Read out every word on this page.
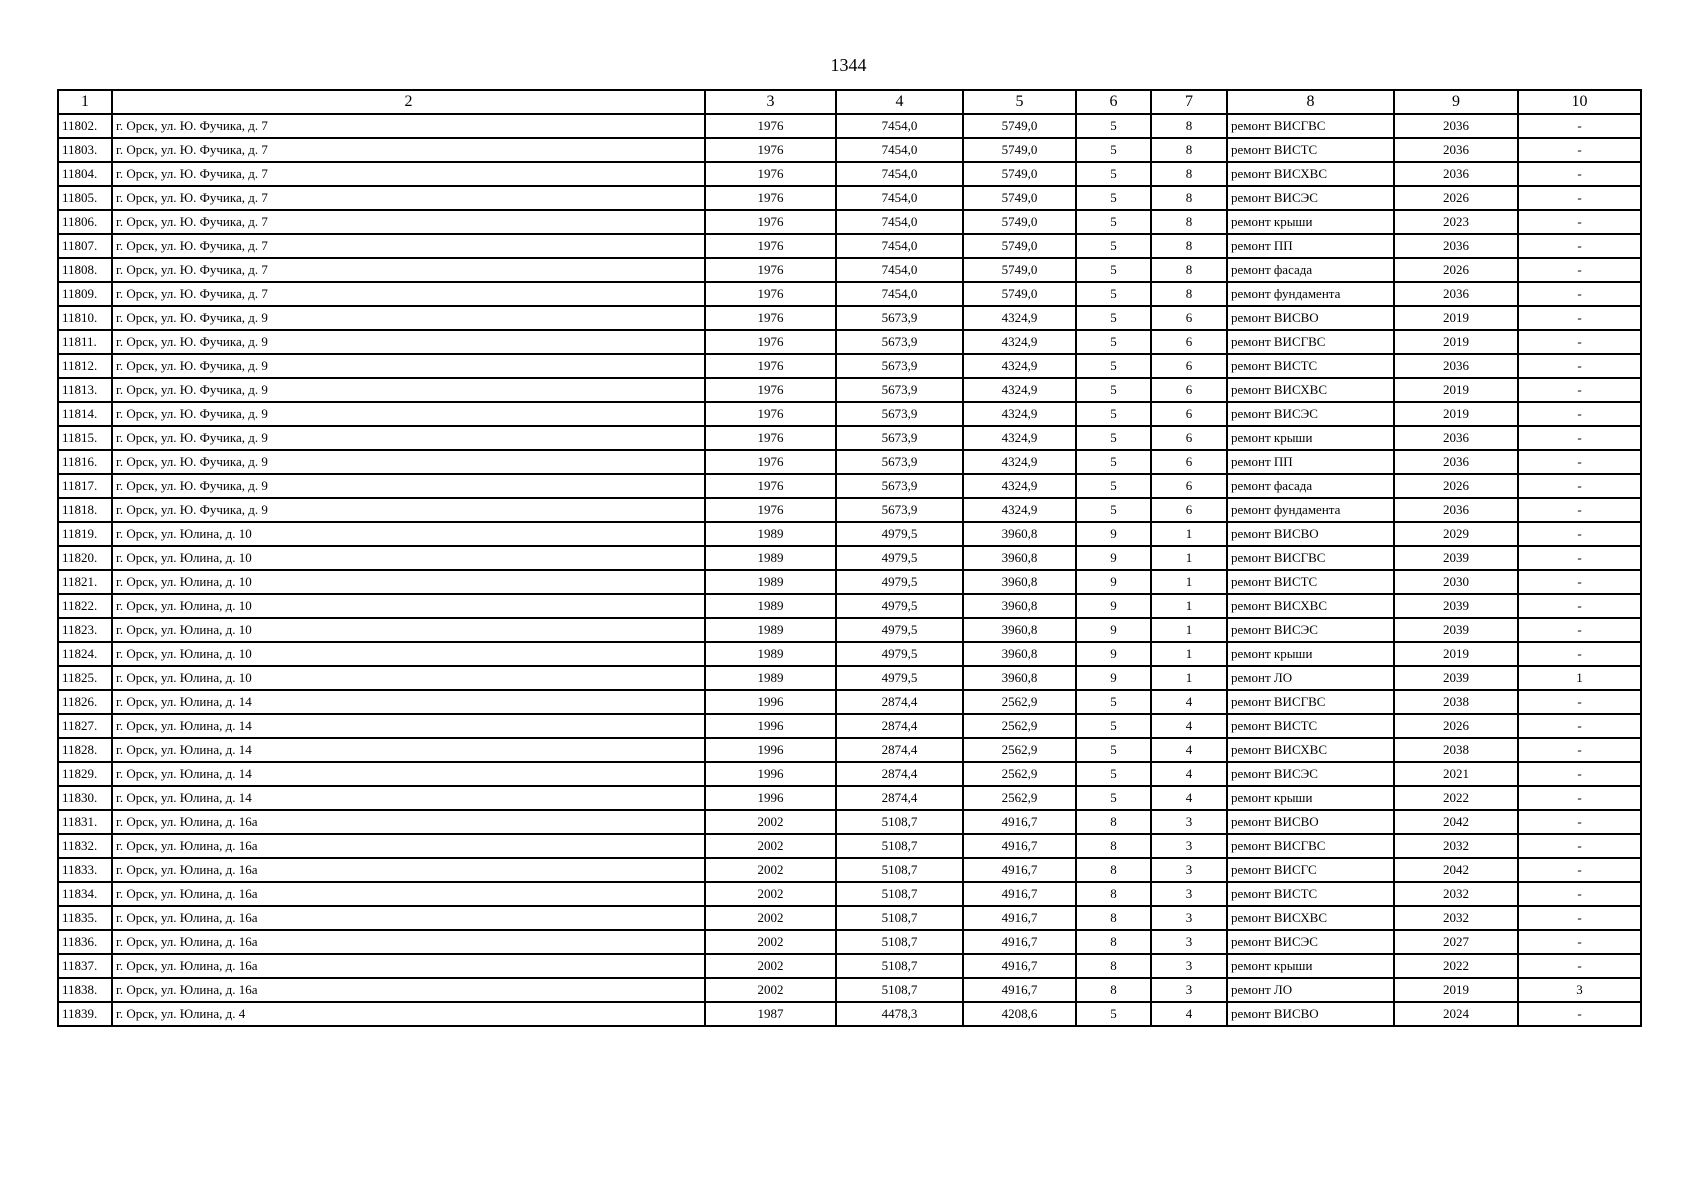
1344
1	2	3	4	5	6	7	8	9	10
11802.	г. Орск, ул. Ю. Фучика, д. 7	1976	7454,0	5749,0	5	8	ремонт ВИСГВС	2036	-
11803.	г. Орск, ул. Ю. Фучика, д. 7	1976	7454,0	5749,0	5	8	ремонт ВИСТС	2036	-
11804.	г. Орск, ул. Ю. Фучика, д. 7	1976	7454,0	5749,0	5	8	ремонт ВИСХВС	2036	-
11805.	г. Орск, ул. Ю. Фучика, д. 7	1976	7454,0	5749,0	5	8	ремонт ВИСЭС	2026	-
11806.	г. Орск, ул. Ю. Фучика, д. 7	1976	7454,0	5749,0	5	8	ремонт крыши	2023	-
11807.	г. Орск, ул. Ю. Фучика, д. 7	1976	7454,0	5749,0	5	8	ремонт ПП	2036	-
11808.	г. Орск, ул. Ю. Фучика, д. 7	1976	7454,0	5749,0	5	8	ремонт фасада	2026	-
11809.	г. Орск, ул. Ю. Фучика, д. 7	1976	7454,0	5749,0	5	8	ремонт фундамента	2036	-
11810.	г. Орск, ул. Ю. Фучика, д. 9	1976	5673,9	4324,9	5	6	ремонт ВИСВО	2019	-
11811.	г. Орск, ул. Ю. Фучика, д. 9	1976	5673,9	4324,9	5	6	ремонт ВИСГВС	2019	-
11812.	г. Орск, ул. Ю. Фучика, д. 9	1976	5673,9	4324,9	5	6	ремонт ВИСТС	2036	-
11813.	г. Орск, ул. Ю. Фучика, д. 9	1976	5673,9	4324,9	5	6	ремонт ВИСХВС	2019	-
11814.	г. Орск, ул. Ю. Фучика, д. 9	1976	5673,9	4324,9	5	6	ремонт ВИСЭС	2019	-
11815.	г. Орск, ул. Ю. Фучика, д. 9	1976	5673,9	4324,9	5	6	ремонт крыши	2036	-
11816.	г. Орск, ул. Ю. Фучика, д. 9	1976	5673,9	4324,9	5	6	ремонт ПП	2036	-
11817.	г. Орск, ул. Ю. Фучика, д. 9	1976	5673,9	4324,9	5	6	ремонт фасада	2026	-
11818.	г. Орск, ул. Ю. Фучика, д. 9	1976	5673,9	4324,9	5	6	ремонт фундамента	2036	-
11819.	г. Орск, ул. Юлина, д. 10	1989	4979,5	3960,8	9	1	ремонт ВИСВО	2029	-
11820.	г. Орск, ул. Юлина, д. 10	1989	4979,5	3960,8	9	1	ремонт ВИСГВС	2039	-
11821.	г. Орск, ул. Юлина, д. 10	1989	4979,5	3960,8	9	1	ремонт ВИСТС	2030	-
11822.	г. Орск, ул. Юлина, д. 10	1989	4979,5	3960,8	9	1	ремонт ВИСХВС	2039	-
11823.	г. Орск, ул. Юлина, д. 10	1989	4979,5	3960,8	9	1	ремонт ВИСЭС	2039	-
11824.	г. Орск, ул. Юлина, д. 10	1989	4979,5	3960,8	9	1	ремонт крыши	2019	-
11825.	г. Орск, ул. Юлина, д. 10	1989	4979,5	3960,8	9	1	ремонт ЛО	2039	1
11826.	г. Орск, ул. Юлина, д. 14	1996	2874,4	2562,9	5	4	ремонт ВИСГВС	2038	-
11827.	г. Орск, ул. Юлина, д. 14	1996	2874,4	2562,9	5	4	ремонт ВИСТС	2026	-
11828.	г. Орск, ул. Юлина, д. 14	1996	2874,4	2562,9	5	4	ремонт ВИСХВС	2038	-
11829.	г. Орск, ул. Юлина, д. 14	1996	2874,4	2562,9	5	4	ремонт ВИСЭС	2021	-
11830.	г. Орск, ул. Юлина, д. 14	1996	2874,4	2562,9	5	4	ремонт крыши	2022	-
11831.	г. Орск, ул. Юлина, д. 16а	2002	5108,7	4916,7	8	3	ремонт ВИСВО	2042	-
11832.	г. Орск, ул. Юлина, д. 16а	2002	5108,7	4916,7	8	3	ремонт ВИСГВС	2032	-
11833.	г. Орск, ул. Юлина, д. 16а	2002	5108,7	4916,7	8	3	ремонт ВИСГС	2042	-
11834.	г. Орск, ул. Юлина, д. 16а	2002	5108,7	4916,7	8	3	ремонт ВИСТС	2032	-
11835.	г. Орск, ул. Юлина, д. 16а	2002	5108,7	4916,7	8	3	ремонт ВИСХВС	2032	-
11836.	г. Орск, ул. Юлина, д. 16а	2002	5108,7	4916,7	8	3	ремонт ВИСЭС	2027	-
11837.	г. Орск, ул. Юлина, д. 16а	2002	5108,7	4916,7	8	3	ремонт крыши	2022	-
11838.	г. Орск, ул. Юлина, д. 16а	2002	5108,7	4916,7	8	3	ремонт ЛО	2019	3
11839.	г. Орск, ул. Юлина, д. 4	1987	4478,3	4208,6	5	4	ремонт ВИСВО	2024	-
